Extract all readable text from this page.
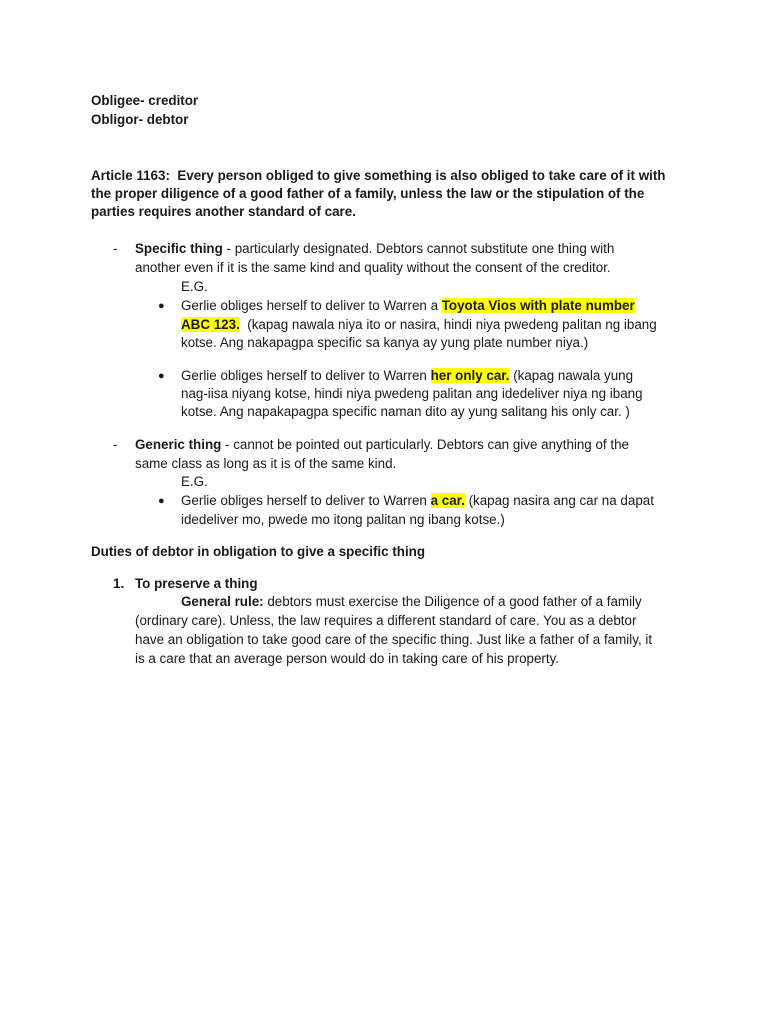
Obligee- creditor
Obligor- debtor
Article 1163: Every person obliged to give something is also obliged to take care of it with
the proper diligence of a good father of a family, unless the law or the stipulation of the
parties requires another standard of care.
- Specific thing - particularly designated. Debtors cannot substitute one thing with
another even if it is the same kind and quality without the consent of the creditor.
E.G.
● Gerlie obliges herself to deliver to Warren a Toyota Vios with plate number
ABC 123.  (kapag nawala niya ito or nasira, hindi niya pwedeng palitan ng ibang
kotse. Ang nakapagpa specific sa kanya ay yung plate number niya.)
● Gerlie obliges herself to deliver to Warren her only car. (kapag nawala yung
nag-iisa niyang kotse, hindi niya pwedeng palitan ang idedeliver niya ng ibang
kotse. Ang napakapagpa specific naman dito ay yung salitang his only car. )
- Generic thing - cannot be pointed out particularly. Debtors can give anything of the
same class as long as it is of the same kind.
E.G.
● Gerlie obliges herself to deliver to Warren a car. (kapag nasira ang car na dapat
idedeliver mo, pwede mo itong palitan ng ibang kotse.)
Duties of debtor in obligation to give a specific thing
1. To preserve a thing
General rule: debtors must exercise the Diligence of a good father of a family
(ordinary care). Unless, the law requires a different standard of care. You as a debtor
have an obligation to take good care of the specific thing. Just like a father of a family, it
is a care that an average person would do in taking care of his property.
